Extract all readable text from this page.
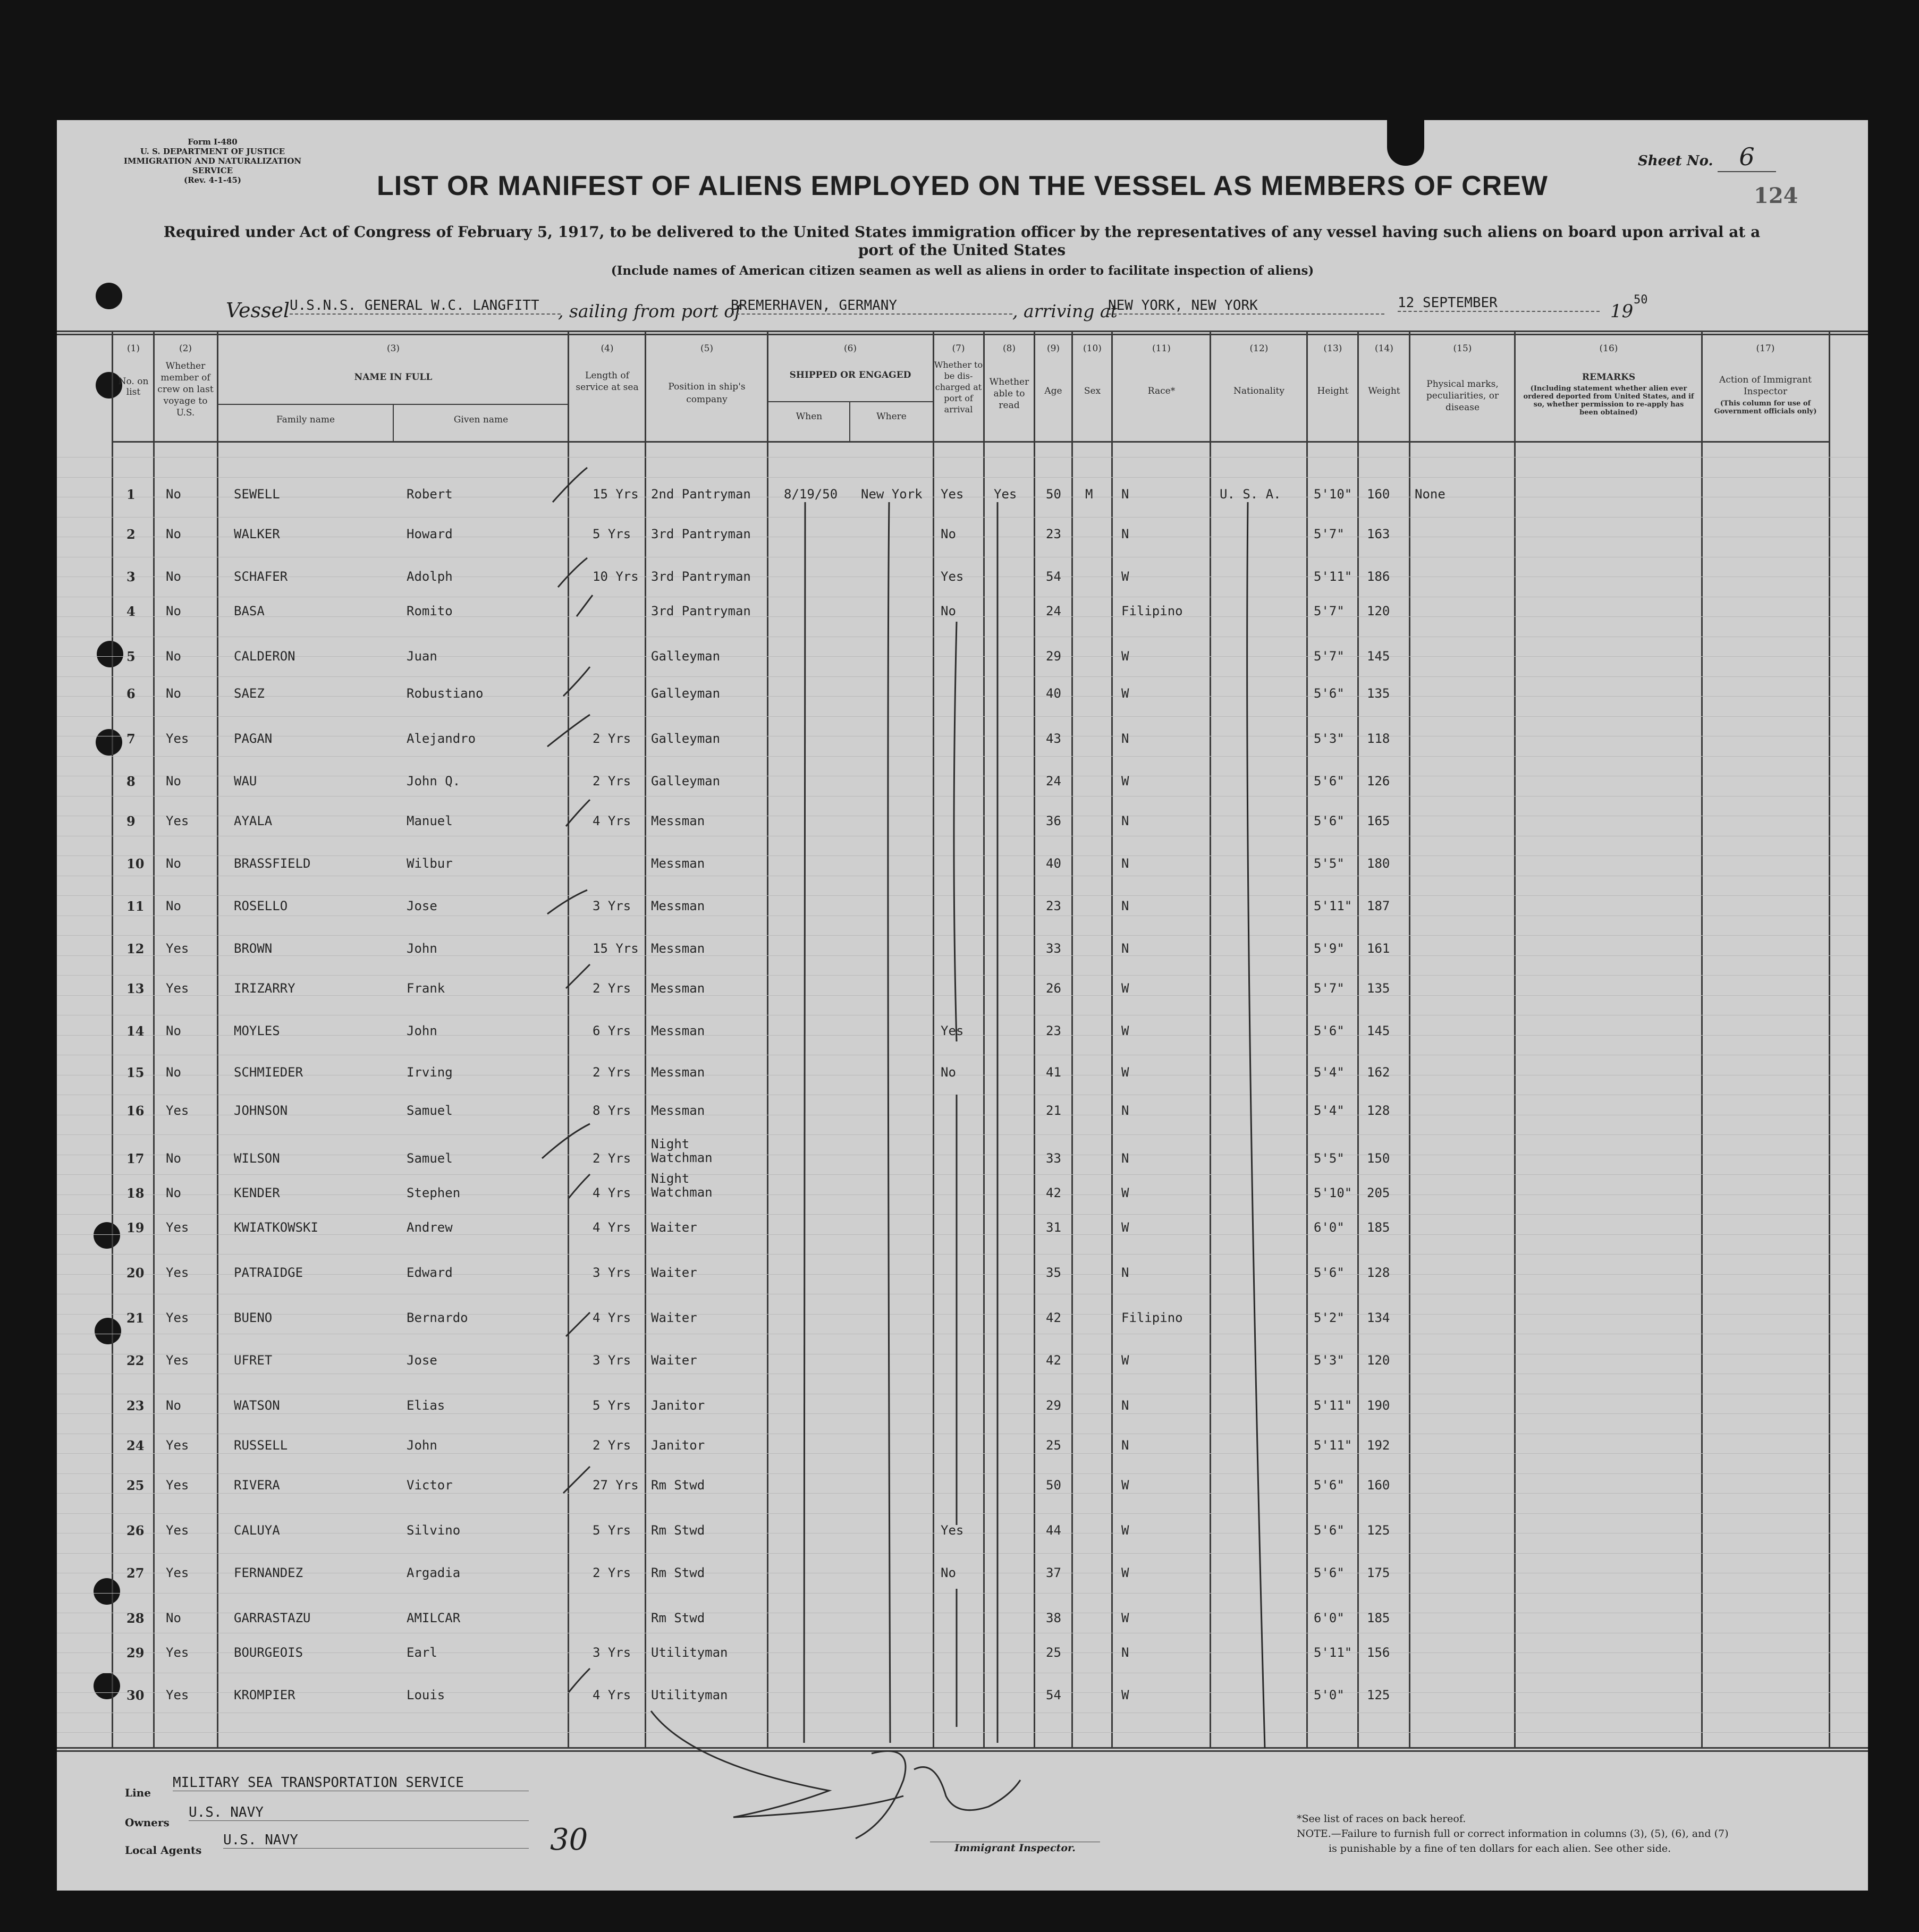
Form I-480
U. S. DEPARTMENT OF JUSTICE
IMMIGRATION AND NATURALIZATION SERVICE
(Rev. 4-1-45)
Sheet No.	6
124
LIST OR MANIFEST OF ALIENS EMPLOYED ON THE VESSEL AS MEMBERS OF CREW
Required under Act of Congress of February 5, 1917, to be delivered to the United States immigration officer by the representatives of any vessel having such aliens on board upon arrival at a
port of the United States
(Include names of American citizen seamen as well as aliens in order to facilitate inspection of aliens)
Vessel U.S.N.S. GENERAL W.C. LANGFITT	, sailing from port of
BREMERHAVEN, GERMANY	, arriving at
NEW YORK, NEW YORK	12 SEPTEMBER	19
50
(1)
No. on list
(2)
Whether member of crew on last voyage to U.S.
(3)
NAME IN FULL
Family name	Given name
(4)
Length of service at sea
(5)
Position in ship's company
(6)
SHIPPED OR ENGAGED
When	Where
(7)
Whether to be dis-charged at port of arrival
(8)
Whether able to read
(9)
Age
(10)
Sex
(11)
Race*
(12)
Nationality
(13)
Height
(14)
Weight
(15)
Physical marks, peculiarities, or disease
(16)
REMARKS
(Including statement whether alien ever ordered deported from United States, and if so, whether permission to re-apply has been obtained)
(17)
Action of Immigrant Inspector
(This column for use of Government officials only)
1 No	SEWELL	Robert	15 Yrs 2nd Pantryman	8/19/50 New York Yes Yes 50 M N	U. S. A.	5'10" 160 None
2 No	WALKER	Howard	5 Yrs 3rd Pantryman	No	23	N	5'7" 163
3 No	SCHAFER	Adolph	10 Yrs 3rd Pantryman	Yes	54	W	5'11" 186
4 No	BASA	Romito	3rd Pantryman	No	24	Filipino	5'7" 120
5 No	CALDERON	Juan	Galleyman	29	W	5'7" 145
6 No	SAEZ	Robustiano	Galleyman	40	W	5'6" 135
7 Yes	PAGAN	Alejandro	2 Yrs Galleyman	43	N	5'3" 118
8 No	WAU	John Q.	2 Yrs Galleyman	24	W	5'6" 126
9 Yes	AYALA	Manuel	4 Yrs Messman	36	N	5'6" 165
10 No	BRASSFIELD	Wilbur	Messman	40	N	5'5" 180
11 No	ROSELLO	Jose	3 Yrs Messman	23	N	5'11" 187
12 Yes	BROWN	John	15 Yrs Messman	33	N	5'9" 161
13 Yes	IRIZARRY	Frank	2 Yrs Messman	26	W	5'7" 135
14 No	MOYLES	John	6 Yrs Messman	Yes	23	W	5'6" 145
15 No	SCHMIEDER	Irving	2 Yrs Messman	No	41	W	5'4" 162
16 Yes	JOHNSON	Samuel	8 Yrs Messman	21	N	5'4" 128
17 No	WILSON	Samuel	2 Yrs
Night Watchman	33	N	5'5" 150
18 No	KENDER	Stephen	4 Yrs
Night Watchman	42	W	5'10" 205
19 Yes	KWIATKOWSKI	Andrew	4 Yrs Waiter	31	W	6'0" 185
20 Yes	PATRAIDGE	Edward	3 Yrs Waiter	35	N	5'6" 128
21 Yes	BUENO	Bernardo	4 Yrs Waiter	42	Filipino	5'2" 134
22 Yes	UFRET	Jose	3 Yrs Waiter	42	W	5'3" 120
23 No	WATSON	Elias	5 Yrs Janitor	29	N	5'11" 190
24 Yes	RUSSELL	John	2 Yrs Janitor	25	N	5'11" 192
25 Yes	RIVERA	Victor	27 Yrs Rm Stwd	50	W	5'6" 160
26 Yes	CALUYA	Silvino	5 Yrs Rm Stwd	Yes	44	W	5'6" 125
27 Yes	FERNANDEZ	Argadia	2 Yrs Rm Stwd	No	37	W	5'6" 175
28 No	GARRASTAZU	AMILCAR	Rm Stwd	38	W	6'0" 185
29 Yes	BOURGEOIS	Earl	3 Yrs Utilityman	25	N	5'11" 156
30 Yes	KROMPIER	Louis	4 Yrs Utilityman	54	W	5'0" 125
Line
MILITARY SEA TRANSPORTATION SERVICE
Owners
U.S. NAVY
Local Agents
U.S. NAVY	30	Immigrant Inspector.
*See list of races on back hereof.
NOTE.—Failure to furnish full or correct information in columns (3), (5), (6), and (7)
is punishable by a fine of ten dollars for each alien. See other side.
